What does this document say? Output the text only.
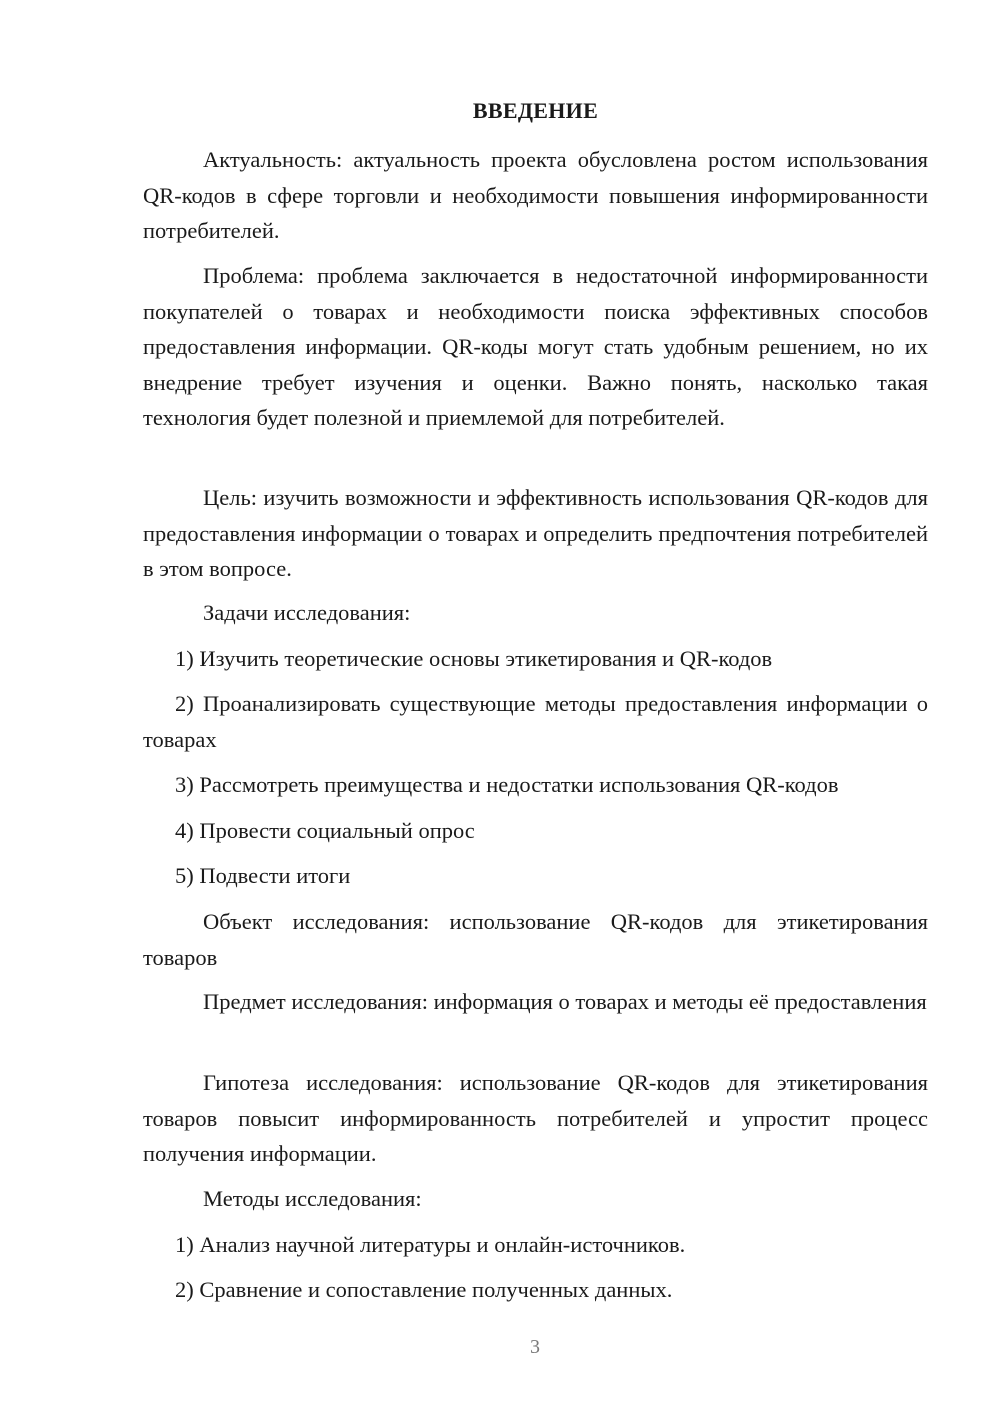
ВВЕДЕНИЕ

Актуальность: актуальность проекта обусловлена ростом использования QR-кодов в сфере торговли и необходимости повышения информированности потребителей.

Проблема: проблема заключается в недостаточной информированности покупателей о товарах и необходимости поиска эффективных способов предоставления информации. QR-коды могут стать удобным решением, но их внедрение требует изучения и оценки. Важно понять, насколько такая технология будет полезной и приемлемой для потребителей.

Цель: изучить возможности и эффективность использования QR-кодов для предоставления информации о товарах и определить предпочтения потребителей в этом вопросе.

Задачи исследования:

1) Изучить теоретические основы этикетирования и QR-кодов

2) Проанализировать существующие методы предоставления информации о товарах

3) Рассмотреть преимущества и недостатки использования QR-кодов

4) Провести социальный опрос

5) Подвести итоги

Объект исследования: использование QR-кодов для этикетирования товаров

Предмет исследования: информация о товарах и методы её предоставления

Гипотеза исследования: использование QR-кодов для этикетирования товаров повысит информированность потребителей и упростит процесс получения информации.

Методы исследования:

1) Анализ научной литературы и онлайн-источников.

2) Сравнение и сопоставление полученных данных.

3
